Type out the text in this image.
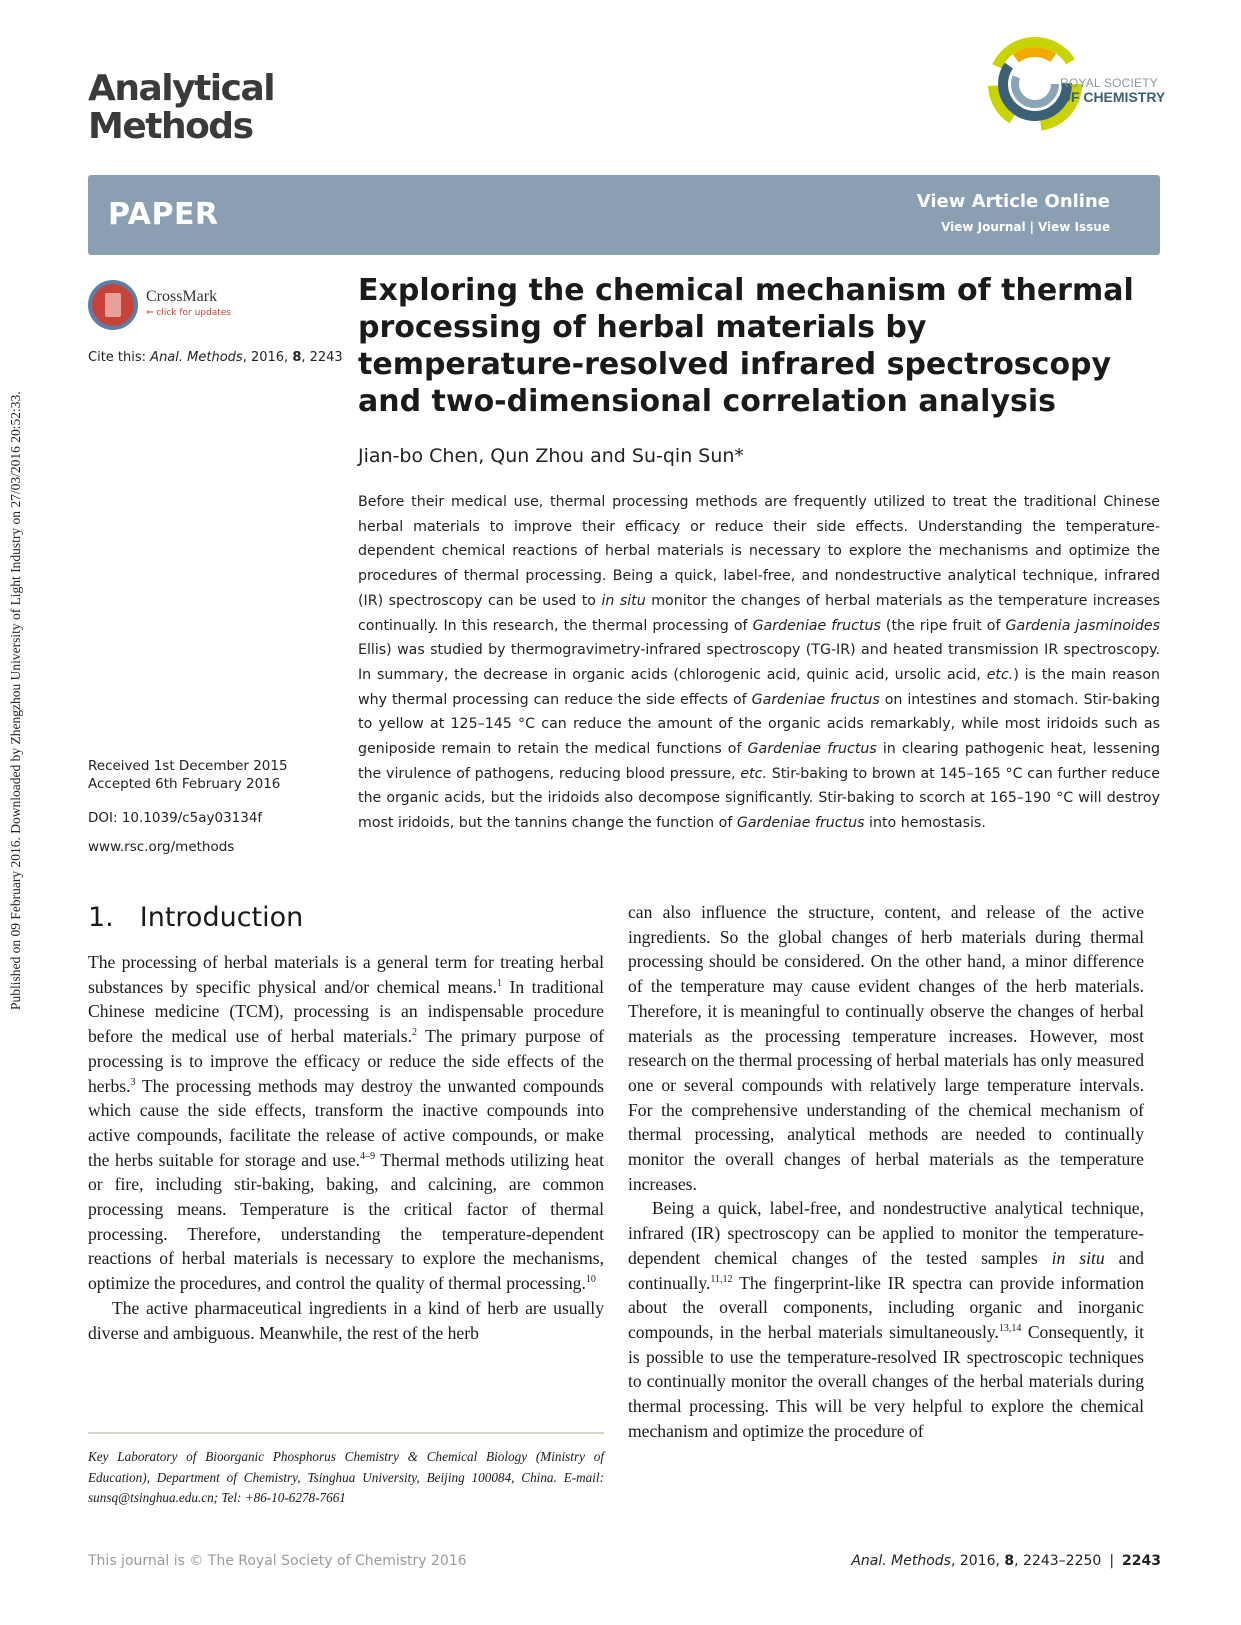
Published on 09 February 2016. Downloaded by Zhengzhou University of Light Industry on 27/03/2016 20:52:33.
Analytical
Methods
ROYAL SOCIETY
OF CHEMISTRY
PAPER	View Article Online
View Journal | View Issue
CrossMark
⇐ click for updates
Cite this: Anal. Methods, 2016, 8, 2243
Exploring the chemical mechanism of thermal processing of herbal materials by temperature-resolved infrared spectroscopy and two-dimensional correlation analysis
Jian-bo Chen, Qun Zhou and Su-qin Sun*
Before their medical use, thermal processing methods are frequently utilized to treat the traditional Chinese herbal materials to improve their efficacy or reduce their side effects. Understanding the temperature-dependent chemical reactions of herbal materials is necessary to explore the mechanisms and optimize the procedures of thermal processing. Being a quick, label-free, and nondestructive analytical technique, infrared (IR) spectroscopy can be used to in situ monitor the changes of herbal materials as the temperature increases continually. In this research, the thermal processing of Gardeniae fructus (the ripe fruit of Gardenia jasminoides Ellis) was studied by thermogravimetry-infrared spectroscopy (TG-IR) and heated transmission IR spectroscopy. In summary, the decrease in organic acids (chlorogenic acid, quinic acid, ursolic acid, etc.) is the main reason why thermal processing can reduce the side effects of Gardeniae fructus on intestines and stomach. Stir-baking to yellow at 125–145 °C can reduce the amount of the organic acids remarkably, while most iridoids such as geniposide remain to retain the medical functions of Gardeniae fructus in clearing pathogenic heat, lessening the virulence of pathogens, reducing blood pressure, etc. Stir-baking to brown at 145–165 °C can further reduce the organic acids, but the iridoids also decompose significantly. Stir-baking to scorch at 165–190 °C will destroy most iridoids, but the tannins change the function of Gardeniae fructus into hemostasis.
Received 1st December 2015
Accepted 6th February 2016
DOI: 10.1039/c5ay03134f
www.rsc.org/methods
1. Introduction

The processing of herbal materials is a general term for treating herbal substances by specific physical and/or chemical means.$^1$ In traditional Chinese medicine (TCM), processing is an indispensable procedure before the medical use of herbal materials.$^2$ The primary purpose of processing is to improve the efficacy or reduce the side effects of the herbs.$^3$ The processing methods may destroy the unwanted compounds which cause the side effects, transform the inactive compounds into active compounds, facilitate the release of active compounds, or make the herbs suitable for storage and use.$^{4-9}$ Thermal methods utilizing heat or fire, including stir-baking, baking, and calcining, are common processing means. Temperature is the critical factor of thermal processing. Therefore, understanding the temperature-dependent reactions of herbal materials is necessary to explore the mechanisms, optimize the procedures, and control the quality of thermal processing.$^{10}$

The active pharmaceutical ingredients in a kind of herb are usually diverse and ambiguous. Meanwhile, the rest of the herb

can also influence the structure, content, and release of the active ingredients. So the global changes of herb materials during thermal processing should be considered. On the other hand, a minor difference of the temperature may cause evident changes of the herb materials. Therefore, it is meaningful to continually observe the changes of herbal materials as the processing temperature increases. However, most research on the thermal processing of herbal materials has only measured one or several compounds with relatively large temperature intervals. For the comprehensive understanding of the chemical mechanism of thermal processing, analytical methods are needed to continually monitor the overall changes of herbal materials as the temperature increases.

Being a quick, label-free, and nondestructive analytical technique, infrared (IR) spectroscopy can be applied to monitor the temperature-dependent chemical changes of the tested samples in situ and continually.$^{11,12}$ The fingerprint-like IR spectra can provide information about the overall components, including organic and inorganic compounds, in the herbal materials simultaneously.$^{13,14}$ Consequently, it is possible to use the temperature-resolved IR spectroscopic techniques to continually monitor the overall changes of the herbal materials during thermal processing. This will be very helpful to explore the chemical mechanism and optimize the procedure of

Key Laboratory of Bioorganic Phosphorus Chemistry & Chemical Biology (Ministry of Education), Department of Chemistry, Tsinghua University, Beijing 100084, China. E-mail: sunsq@tsinghua.edu.cn; Tel: +86-10-6278-7661
This journal is © The Royal Society of Chemistry 2016	Anal. Methods, 2016, 8, 2243–2250 | 2243
